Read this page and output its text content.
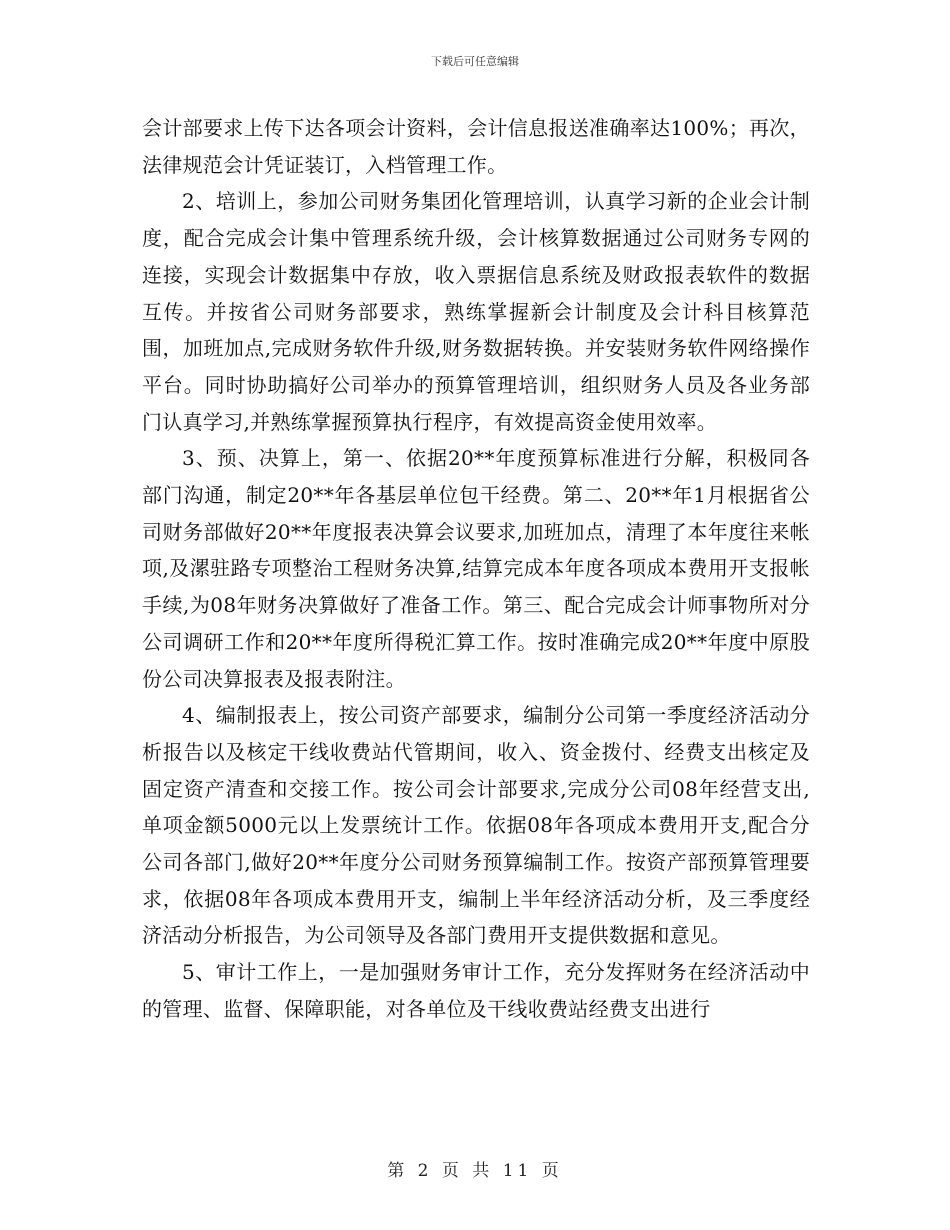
下载后可任意编辑

会计部要求上传下达各项会计资料，会计信息报送准确率达100%；再次，法律规范会计凭证装订，入档管理工作。

2、培训上，参加公司财务集团化管理培训，认真学习新的企业会计制度，配合完成会计集中管理系统升级，会计核算数据通过公司财务专网的连接，实现会计数据集中存放，收入票据信息系统及财政报表软件的数据互传。并按省公司财务部要求，熟练掌握新会计制度及会计科目核算范围，加班加点,完成财务软件升级,财务数据转换。并安装财务软件网络操作平台。同时协助搞好公司举办的预算管理培训，组织财务人员及各业务部门认真学习,并熟练掌握预算执行程序，有效提高资金使用效率。

3、预、决算上，第一、依据20**年度预算标准进行分解，积极同各部门沟通，制定20**年各基层单位包干经费。第二、20**年1月根据省公司财务部做好20**年度报表决算会议要求,加班加点，清理了本年度往来帐项,及漯驻路专项整治工程财务决算,结算完成本年度各项成本费用开支报帐手续,为08年财务决算做好了准备工作。第三、配合完成会计师事物所对分公司调研工作和20**年度所得税汇算工作。按时准确完成20**年度中原股份公司决算报表及报表附注。

4、编制报表上，按公司资产部要求，编制分公司第一季度经济活动分析报告以及核定干线收费站代管期间，收入、资金拨付、经费支出核定及固定资产清查和交接工作。按公司会计部要求,完成分公司08年经营支出,单项金额5000元以上发票统计工作。依据08年各项成本费用开支,配合分公司各部门,做好20**年度分公司财务预算编制工作。按资产部预算管理要求，依据08年各项成本费用开支，编制上半年经济活动分析，及三季度经济活动分析报告，为公司领导及各部门费用开支提供数据和意见。

5、审计工作上，一是加强财务审计工作，充分发挥财务在经济活动中的管理、监督、保障职能，对各单位及干线收费站经费支出进行

第 2 页 共 11 页
